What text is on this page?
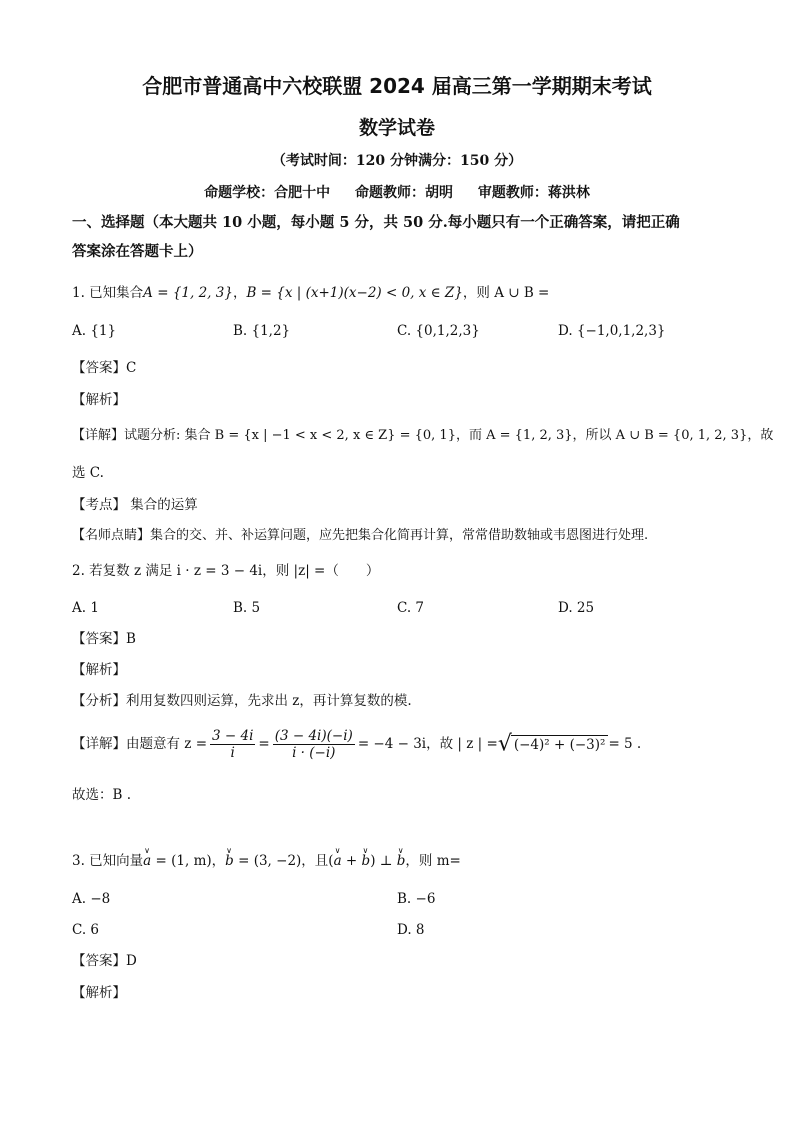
合肥市普通高中六校联盟 2024 届高三第一学期期末考试
数学试卷
（考试时间：120 分钟满分：150 分）
命题学校：合肥十中 命题教师：胡明 审题教师：蒋洪林
一、选择题（本大题共 10 小题，每小题 5 分，共 50 分.每小题只有一个正确答案，请把正确
答案涂在答题卡上）
1. 已知集合A = {1, 2, 3}，B = {x | (x+1)(x−2) < 0, x ∈ Z}，则 A ∪ B =
A. {1}	B. {1,2}	C. {0,1,2,3}	D. {−1,0,1,2,3}
【答案】C
【解析】
【详解】试题分析: 集合 B = {x | −1 < x < 2, x ∈ Z} = {0, 1}，而 A = {1, 2, 3}，所以 A ∪ B = {0, 1, 2, 3}，故
选 C.
【考点】 集合的运算
【名师点睛】集合的交、并、补运算问题，应先把集合化简再计算，常常借助数轴或韦恩图进行处理.
2. 若复数 z 满足 i · z = 3 − 4i，则 |z| =（　　）
A. 1	B. 5	C. 7	D. 25
【答案】B
【解析】
【分析】利用复数四则运算，先求出 z，再计算复数的模.
【详解】由题意有 $z = \frac{3 - 4i}{i} = \frac{(3 - 4i)(-i)}{i \cdot (-i)} = -4 - 3i$，故 | z | =√ (−4)² + (−3)² = 5 .
故选：B .
3. 已知向量∨ a = (1, m)，∨ b = (3, −2)，且(∨ a + ∨ b) ⊥ ∨ b，则 m=
A. −8	B. −6
C. 6	D. 8
【答案】D
【解析】
